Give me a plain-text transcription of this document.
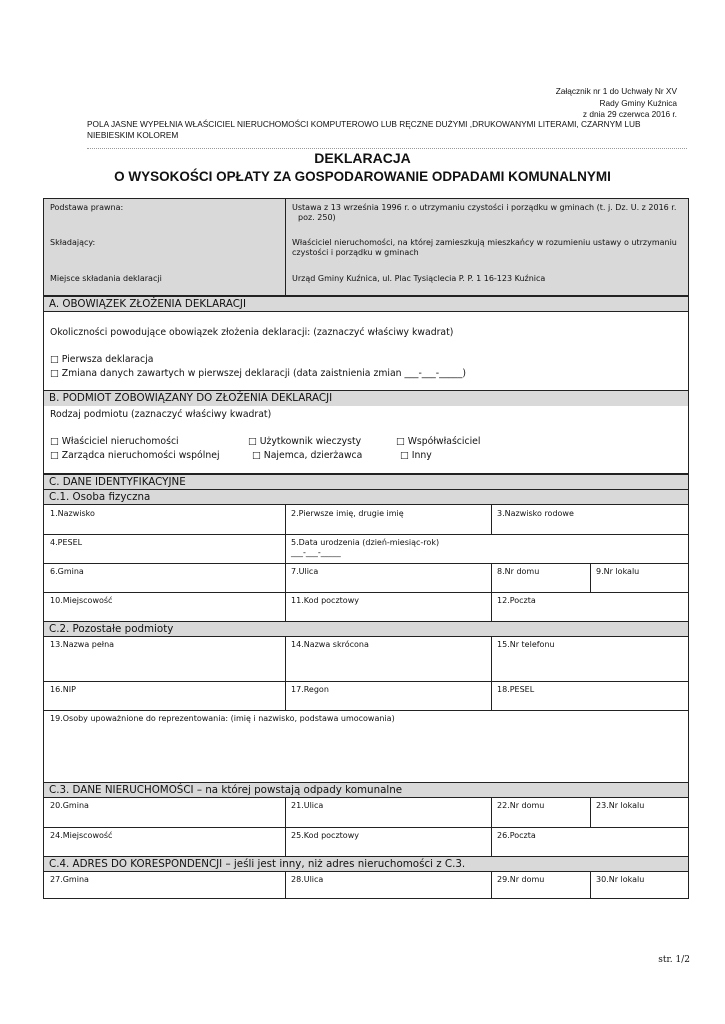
Załącznik nr 1 do Uchwały Nr XV
Rady Gminy Kuźnica
z dnia 29 czerwca 2016 r.
POLA JASNE WYPEŁNIA WŁAŚCICIEL NIERUCHOMOŚCI KOMPUTEROWO LUB RĘCZNE DUŻYMI ,DRUKOWANYMI LITERAMI, CZARNYM LUB NIEBIESKIM KOLOREM
DEKLARACJA
O WYSOKOŚCI OPŁATY ZA GOSPODAROWANIE ODPADAMI KOMUNALNYMI
Podstawa prawna:	Ustawa z 13 września 1996 r. o utrzymaniu czystości i porządku w gminach (t. j. Dz. U. z 2016 r.
poz. 250)
Składający:	Właściciel nieruchomości, na której zamieszkują mieszkańcy w rozumieniu ustawy o utrzymaniu
czystości i porządku w gminach
Miejsce składania deklaracji	Urząd Gminy Kuźnica, ul. Plac Tysiąclecia P. P. 1 16-123 Kuźnica
A. OBOWIĄZEK ZŁOŻENIA DEKLARACJI
Okoliczności powodujące obowiązek złożenia deklaracji: (zaznaczyć właściwy kwadrat)
□ Pierwsza deklaracja
□ Zmiana danych zawartych w pierwszej deklaracji (data zaistnienia zmian ___-___-_____)
B. PODMIOT ZOBOWIĄZANY DO ZŁOŻENIA DEKLARACJI
Rodzaj podmiotu (zaznaczyć właściwy kwadrat)
□ Właściciel nieruchomości	□ Użytkownik wieczysty	□ Współwłaściciel
□ Zarządca nieruchomości wspólnej	□ Najemca, dzierżawca	□ Inny
C. DANE IDENTYFIKACYJNE
C.1. Osoba fizyczna
1.Nazwisko	2.Pierwsze imię, drugie imię	3.Nazwisko rodowe
4.PESEL	5.Data urodzenia (dzień-miesiąc-rok)
___-___-_____
6.Gmina	7.Ulica	8.Nr domu	9.Nr lokalu
10.Miejscowość	11.Kod pocztowy	12.Poczta
C.2. Pozostałe podmioty
13.Nazwa pełna	14.Nazwa skrócona	15.Nr telefonu
16.NIP	17.Regon	18.PESEL
19.Osoby upoważnione do reprezentowania: (imię i nazwisko, podstawa umocowania)
C.3. DANE NIERUCHOMOŚCI – na której powstają odpady komunalne
20.Gmina	21.Ulica	22.Nr domu	23.Nr lokalu
24.Miejscowość	25.Kod pocztowy	26.Poczta
C.4. ADRES DO KORESPONDENCJI – jeśli jest inny, niż adres nieruchomości z C.3.
27.Gmina	28.Ulica	29.Nr domu	30.Nr lokalu
str. 1/2
